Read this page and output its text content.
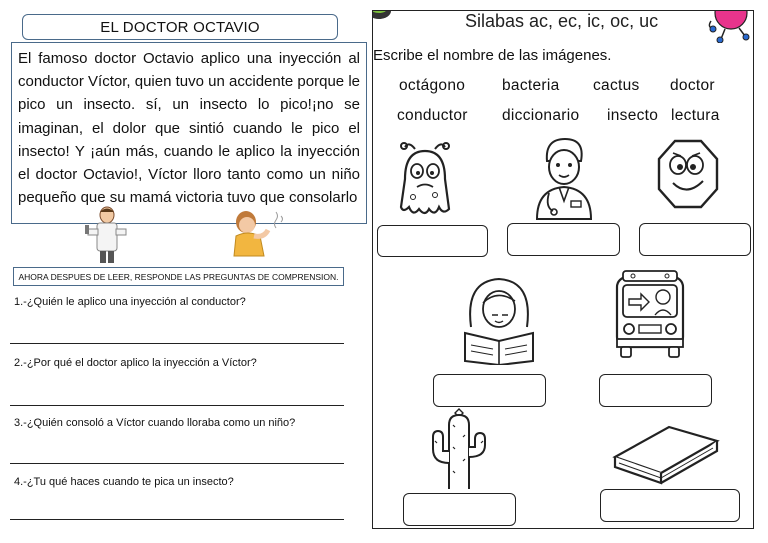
EL DOCTOR OCTAVIO

El famoso doctor Octavio aplico una inyección al conductor Víctor, quien tuvo un accidente porque le pico un insecto. sí, un insecto lo pico!¡no se imaginan, el dolor que sintió cuando le pico el insecto! Y ¡aún más, cuando le aplico la inyección el doctor Octavio!, Víctor lloro tanto como un niño pequeño que su mamá victoria tuvo que consolarlo

AHORA DESPUES DE LEER, RESPONDE LAS PREGUNTAS DE COMPRENSION.
1.-¿Quién le aplico una inyección al conductor?
2.-¿Por qué el doctor aplico la inyección a Víctor?
3.-¿Quién consoló a Víctor cuando lloraba como un niño?
4.-¿Tu qué haces cuando te pica un insecto?
Silabas ac, ec, ic, oc, uc
Escribe el nombre de las imágenes.
octágono bacteria cactus doctor
conductor diccionario insecto lectura
